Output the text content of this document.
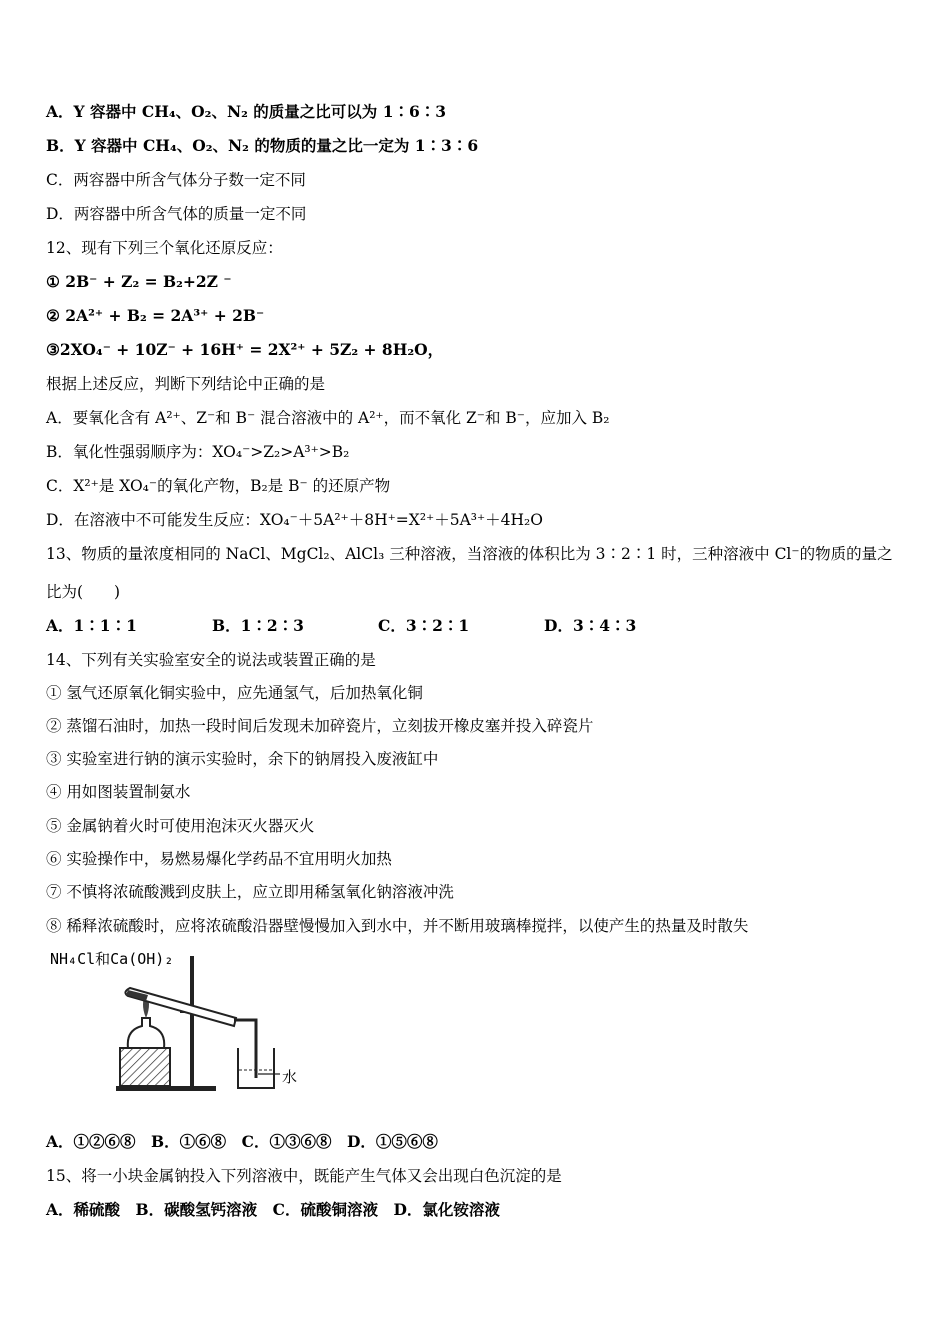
A．Y 容器中 CH₄、O₂、N₂ 的质量之比可以为 1∶6∶3
B．Y 容器中 CH₄、O₂、N₂ 的物质的量之比一定为 1∶3∶6
C．两容器中所含气体分子数一定不同
D．两容器中所含气体的质量一定不同
12、现有下列三个氧化还原反应：
① 2B⁻ + Z₂ = B₂+2Z ⁻
② 2A²⁺ + B₂ = 2A³⁺ + 2B⁻
③2XO₄⁻ + 10Z⁻ + 16H⁺ = 2X²⁺ + 5Z₂ + 8H₂O，
根据上述反应，判断下列结论中正确的是
A．要氧化含有 A²⁺、Z⁻和 B⁻ 混合溶液中的 A²⁺，而不氧化 Z⁻和 B⁻，应加入 B₂
B．氧化性强弱顺序为：XO₄⁻>Z₂>A³⁺>B₂
C．X²⁺是 XO₄⁻的氧化产物，B₂是 B⁻ 的还原产物
D．在溶液中不可能发生反应：XO₄⁻＋5A²⁺＋8H⁺=X²⁺＋5A³⁺＋4H₂O
13、物质的量浓度相同的 NaCl、MgCl₂、AlCl₃ 三种溶液，当溶液的体积比为 3∶2∶1 时，三种溶液中 Cl⁻的物质的量之
比为(　　)
A．1∶1∶1	B．1∶2∶3	C．3∶2∶1	D．3∶4∶3
14、下列有关实验室安全的说法或装置正确的是
① 氢气还原氧化铜实验中，应先通氢气，后加热氧化铜
② 蒸馏石油时，加热一段时间后发现未加碎瓷片，立刻拔开橡皮塞并投入碎瓷片
③ 实验室进行钠的演示实验时，余下的钠屑投入废液缸中
④ 用如图装置制氨水
⑤ 金属钠着火时可使用泡沫灭火器灭火
⑥ 实验操作中，易燃易爆化学药品不宜用明火加热
⑦ 不慎将浓硫酸溅到皮肤上，应立即用稀氢氧化钠溶液冲洗
⑧ 稀释浓硫酸时，应将浓硫酸沿器壁慢慢加入到水中，并不断用玻璃棒搅拌，以使产生的热量及时散失
NH₄Cl和Ca(OH)₂
水
A．①②⑥⑧　B．①⑥⑧　C．①③⑥⑧　D．①⑤⑥⑧
15、将一小块金属钠投入下列溶液中，既能产生气体又会出现白色沉淀的是
A．稀硫酸　B．碳酸氢钙溶液　C．硫酸铜溶液　D．氯化铵溶液
